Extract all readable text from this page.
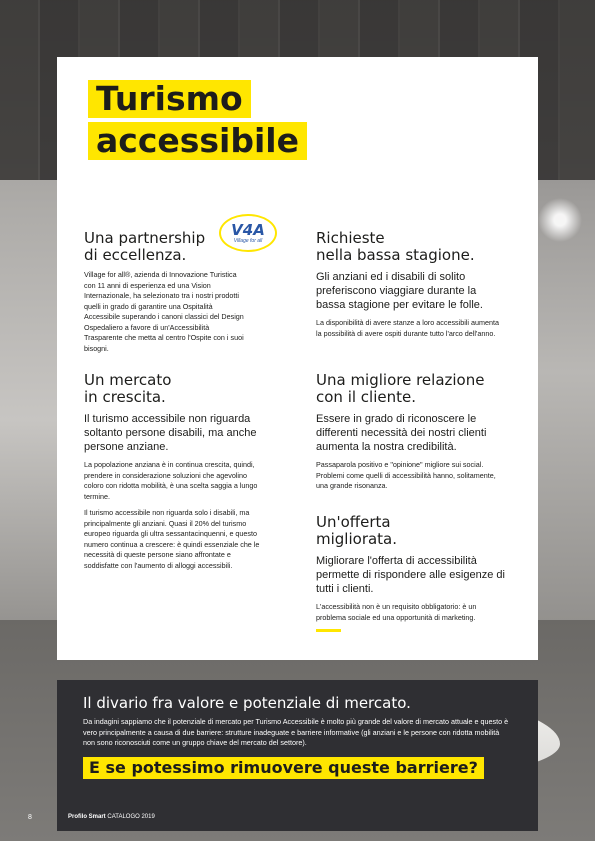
Turismo
accessibile
V4A
Village for all
Una partnership
di eccellenza.
Village for all®, azienda di Innovazione Turistica con 11 anni di esperienza ed una Vision Internazionale, ha selezionato tra i nostri prodotti quelli in grado di garantire una Ospitalità Accessibile superando i canoni classici del Design Ospedaliero a favore di un'Accessibilità Trasparente che metta al centro l'Ospite con i suoi bisogni.
Un mercato
in crescita.
Il turismo accessibile non riguarda soltanto persone disabili, ma anche persone anziane.
La popolazione anziana è in continua crescita, quindi, prendere in considerazione soluzioni che agevolino coloro con ridotta mobilità, è una scelta saggia a lungo termine.
Il turismo accessibile non riguarda solo i disabili, ma principalmente gli anziani. Quasi il 20% del turismo europeo riguarda gli ultra sessantacinquenni, e questo numero continua a crescere: è quindi essenziale che le necessità di queste persone siano affrontate e soddisfatte con l'aumento di alloggi accessibili.
Richieste
nella bassa stagione.
Gli anziani ed i disabili di solito preferiscono viaggiare durante la bassa stagione per evitare le folle.
La disponibilità di avere stanze a loro accessibili aumenta la possibilità di avere ospiti durante tutto l'arco dell'anno.
Una migliore relazione
con il cliente.
Essere in grado di riconoscere le differenti necessità dei nostri clienti aumenta la nostra credibilità.
Passaparola positivo e "opinione" migliore sui social. Problemi come quelli di accessibilità hanno, solitamente, una grande risonanza.
Un'offerta
migliorata.
Migliorare l'offerta di accessibilità permette di rispondere alle esigenze di tutti i clienti.
L'accessibilità non è un requisito obbligatorio: è un problema sociale ed una opportunità di marketing.
Il divario fra valore e potenziale di mercato.
Da indagini sappiamo che il potenziale di mercato per Turismo Accessibile è molto più grande del valore di mercato attuale e questo è vero principalmente a causa di due barriere: strutture inadeguate e barriere informative (gli anziani e le persone con ridotta mobilità non sono riconosciuti come un gruppo chiave del mercato del settore).
E se potessimo rimuovere queste barriere?
8	Profilo Smart CATALOGO 2019
